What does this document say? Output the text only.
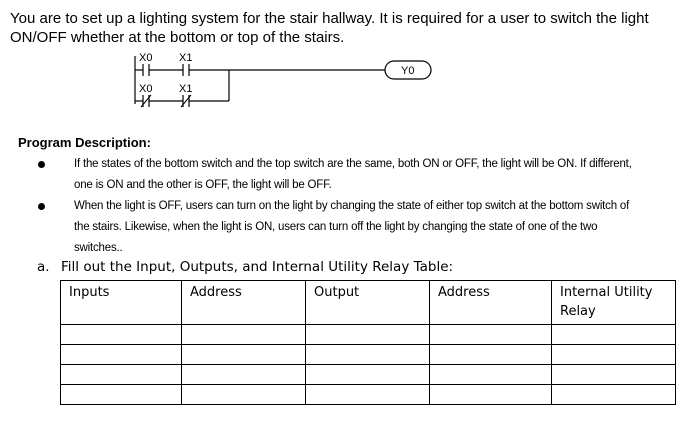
You are to set up a lighting system for the stair hallway. It is required for a user to switch the light ON/OFF whether at the bottom or top of the stairs.
X0 X1
Y0
X0 X1
Program Description:
If the states of the bottom switch and the top switch are the same, both ON or OFF, the light will be ON. If different, one is ON and the other is OFF, the light will be OFF.
When the light is OFF, users can turn on the light by changing the state of either top switch at the bottom switch of the stairs. Likewise, when the light is ON, users can turn off the light by changing the state of one of the two switches..
a. Fill out the Input, Outputs, and Internal Utility Relay Table:
Inputs	Address	Output	Address	Internal Utility Relay
